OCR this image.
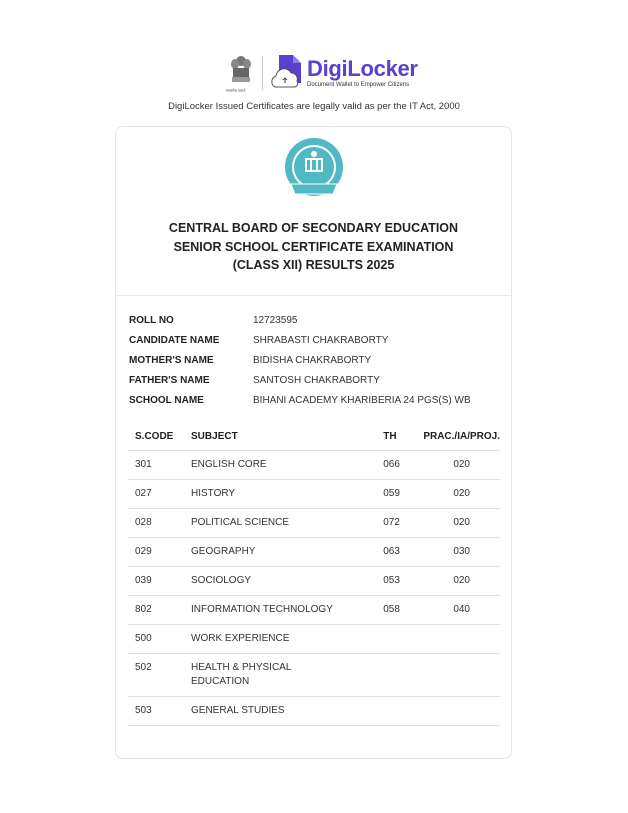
सत्यमेव जयते
DigiLocker
Document Wallet to Empower Citizens
DigiLocker Issued Certificates are legally valid as per the IT Act, 2000
CENTRAL BOARD OF SECONDARY EDUCATION
SENIOR SCHOOL CERTIFICATE EXAMINATION
(CLASS XII) RESULTS 2025
ROLL NO	12723595
CANDIDATE NAME	SHRABASTI CHAKRABORTY
MOTHER'S NAME	BIDISHA CHAKRABORTY
FATHER'S NAME	SANTOSH CHAKRABORTY
SCHOOL NAME	BIHANI ACADEMY KHARIBERIA 24 PGS(S) WB
S.CODE	SUBJECT	TH	PRAC./IA/PROJ.
301	ENGLISH CORE	066	020
027	HISTORY	059	020
028	POLITICAL SCIENCE	072	020
029	GEOGRAPHY	063	030
039	SOCIOLOGY	053	020
802	INFORMATION TECHNOLOGY	058	040
500	WORK EXPERIENCE		
502	HEALTH & PHYSICAL EDUCATION		
503	GENERAL STUDIES		
